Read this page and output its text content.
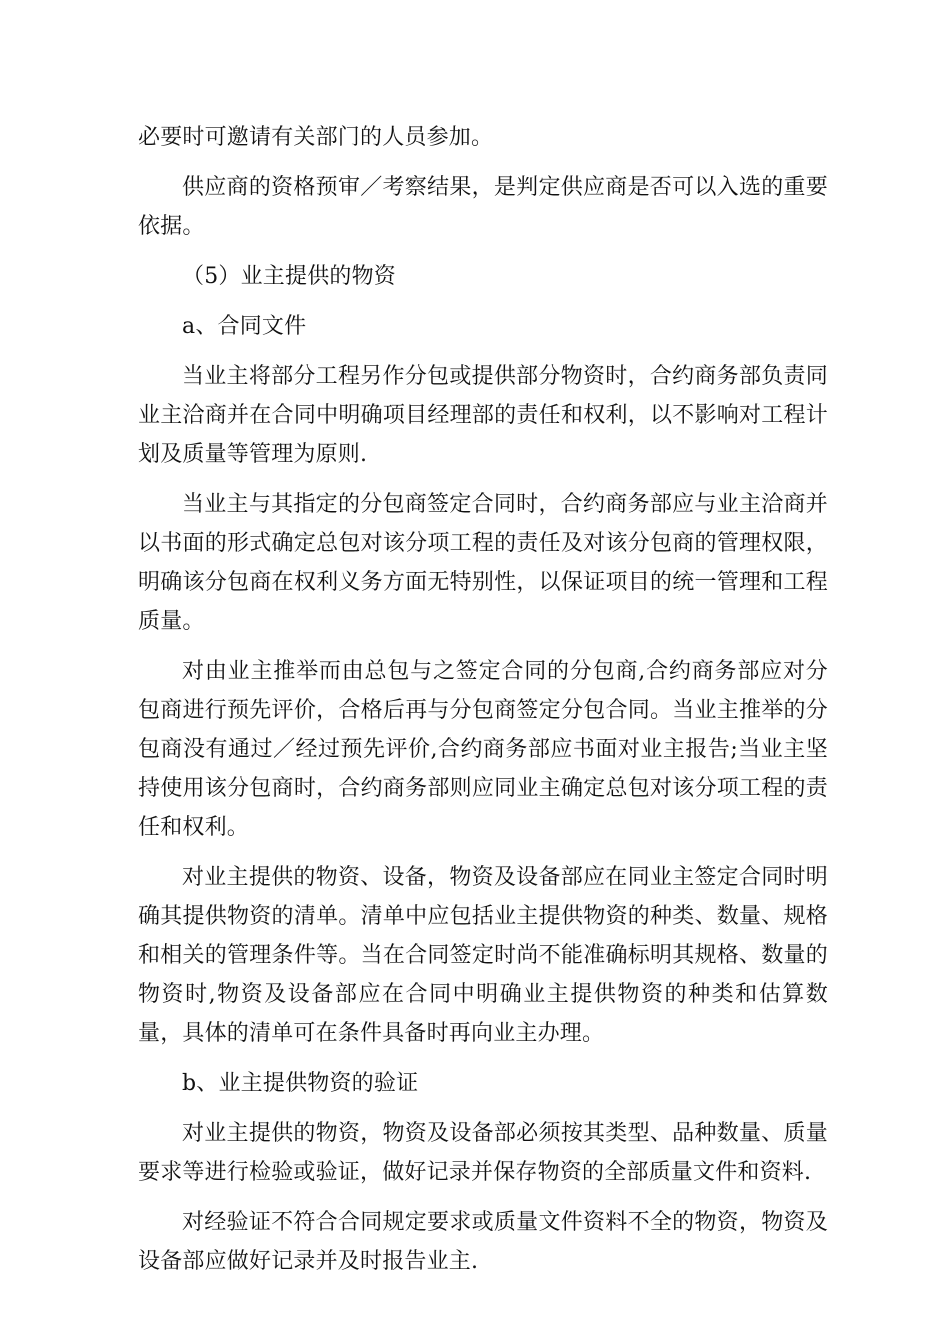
必要时可邀请有关部门的人员参加。

供应商的资格预审／考察结果，是判定供应商是否可以入选的重要依据。

（5）业主提供的物资

a、合同文件

当业主将部分工程另作分包或提供部分物资时，合约商务部负责同业主洽商并在合同中明确项目经理部的责任和权利，以不影响对工程计划及质量等管理为原则.

当业主与其指定的分包商签定合同时，合约商务部应与业主洽商并以书面的形式确定总包对该分项工程的责任及对该分包商的管理权限，明确该分包商在权利义务方面无特别性，以保证项目的统一管理和工程质量。

对由业主推举而由总包与之签定合同的分包商,合约商务部应对分包商进行预先评价，合格后再与分包商签定分包合同。当业主推举的分包商没有通过／经过预先评价,合约商务部应书面对业主报告;当业主坚持使用该分包商时，合约商务部则应同业主确定总包对该分项工程的责任和权利。

对业主提供的物资、设备，物资及设备部应在同业主签定合同时明确其提供物资的清单。清单中应包括业主提供物资的种类、数量、规格和相关的管理条件等。当在合同签定时尚不能准确标明其规格、数量的物资时,物资及设备部应在合同中明确业主提供物资的种类和估算数量，具体的清单可在条件具备时再向业主办理。

b、业主提供物资的验证

对业主提供的物资，物资及设备部必须按其类型、品种数量、质量要求等进行检验或验证，做好记录并保存物资的全部质量文件和资料.

对经验证不符合合同规定要求或质量文件资料不全的物资，物资及设备部应做好记录并及时报告业主.
